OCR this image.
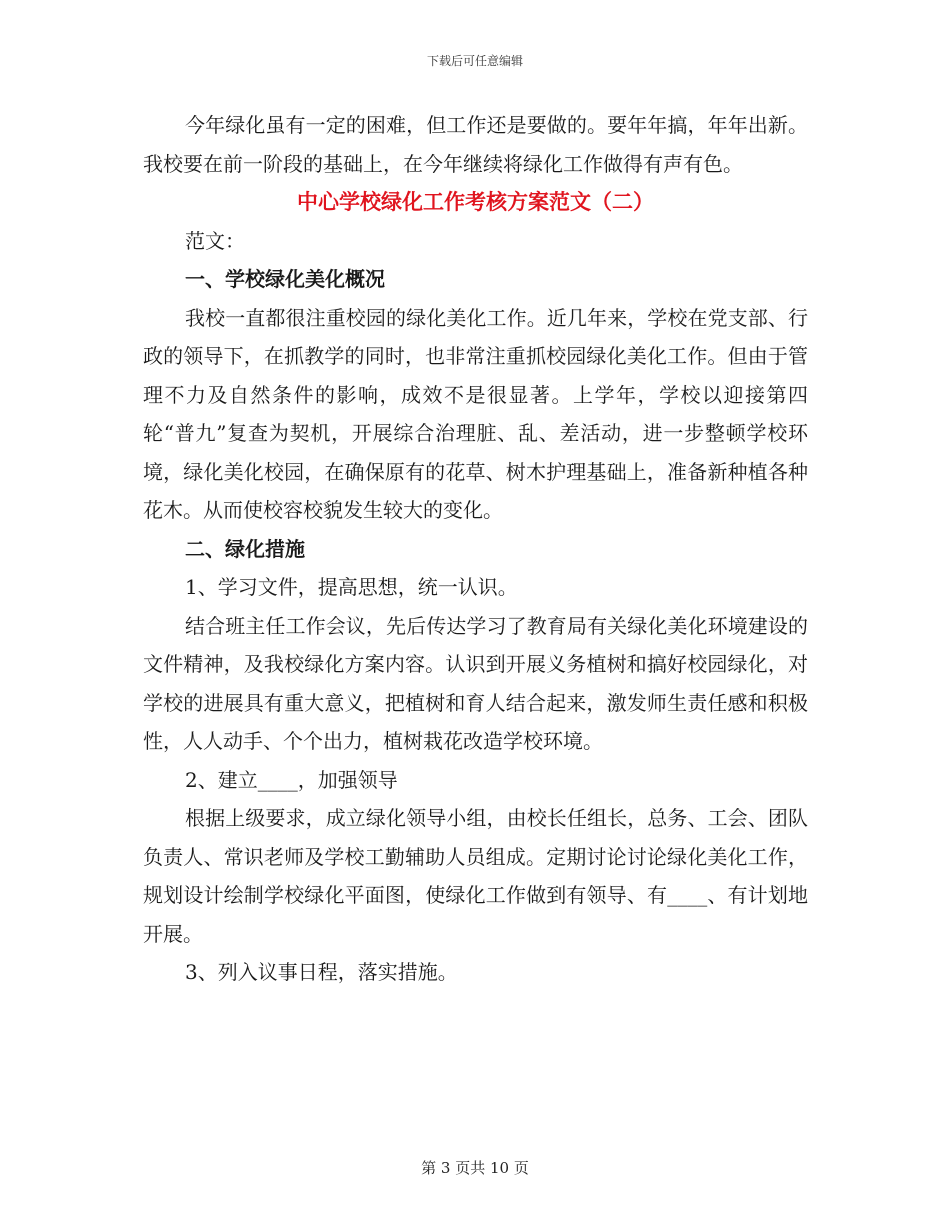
下载后可任意编辑

今年绿化虽有一定的困难，但工作还是要做的。要年年搞，年年出新。我校要在前一阶段的基础上，在今年继续将绿化工作做得有声有色。

中心学校绿化工作考核方案范文（二）

范文：

一、学校绿化美化概况

我校一直都很注重校园的绿化美化工作。近几年来，学校在党支部、行政的领导下，在抓教学的同时，也非常注重抓校园绿化美化工作。但由于管理不力及自然条件的影响，成效不是很显著。上学年，学校以迎接第四轮“普九”复查为契机，开展综合治理脏、乱、差活动，进一步整顿学校环境，绿化美化校园，在确保原有的花草、树木护理基础上，准备新种植各种花木。从而使校容校貌发生较大的变化。

二、绿化措施

1、学习文件，提高思想，统一认识。

结合班主任工作会议，先后传达学习了教育局有关绿化美化环境建设的文件精神，及我校绿化方案内容。认识到开展义务植树和搞好校园绿化，对学校的进展具有重大意义，把植树和育人结合起来，激发师生责任感和积极性，人人动手、个个出力，植树栽花改造学校环境。

2、建立____，加强领导

根据上级要求，成立绿化领导小组，由校长任组长，总务、工会、团队负责人、常识老师及学校工勤辅助人员组成。定期讨论讨论绿化美化工作，规划设计绘制学校绿化平面图，使绿化工作做到有领导、有____、有计划地开展。

3、列入议事日程，落实措施。

第 3 页共 10 页
